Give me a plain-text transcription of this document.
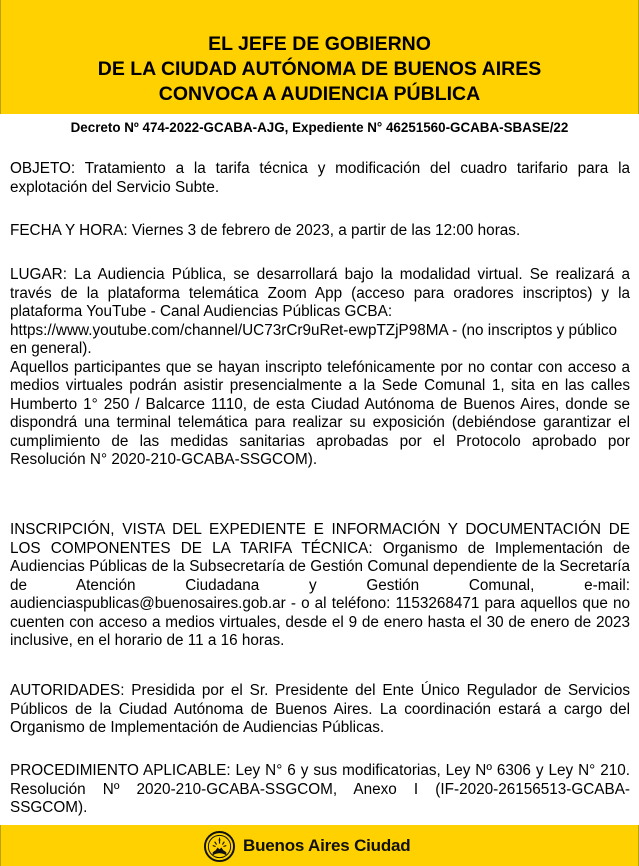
EL JEFE DE GOBIERNO
DE LA CIUDAD AUTÓNOMA DE BUENOS AIRES
CONVOCA A AUDIENCIA PÚBLICA
Decreto Nº 474-2022-GCABA-AJG, Expediente N° 46251560-GCABA-SBASE/22

OBJETO: Tratamiento a la tarifa técnica y modificación del cuadro tarifario para la explotación del Servicio Subte.

FECHA Y HORA: Viernes 3 de febrero de 2023, a partir de las 12:00 horas.

LUGAR: La Audiencia Pública, se desarrollará bajo la modalidad virtual. Se realizará a través de la plataforma telemática Zoom App (acceso para oradores inscriptos) y la plataforma YouTube - Canal Audiencias Públicas GCBA:

https://www.youtube.com/channel/UC73rCr9uRet-ewpTZjP98MA - (no inscriptos y público en general).

Aquellos participantes que se hayan inscripto telefónicamente por no contar con acceso a medios virtuales podrán asistir presencialmente a la Sede Comunal 1, sita en las calles Humberto 1° 250 / Balcarce 1110, de esta Ciudad Autónoma de Buenos Aires, donde se dispondrá una terminal telemática para realizar su exposición (debiéndose garantizar el cumplimiento de las medidas sanitarias aprobadas por el Protocolo aprobado por Resolución N° 2020-210-GCABA-SSGCOM).

INSCRIPCIÓN, VISTA DEL EXPEDIENTE E INFORMACIÓN Y DOCUMENTACIÓN DE LOS COMPONENTES DE LA TARIFA TÉCNICA: Organismo de Implementación de Audiencias Públicas de la Subsecretaría de Gestión Comunal dependiente de la Secretaría de Atención Ciudadana y Gestión Comunal, e-mail: audienciaspublicas@buenosaires.gob.ar - o al teléfono: 1153268471 para aquellos que no cuenten con acceso a medios virtuales, desde el 9 de enero hasta el 30 de enero de 2023 inclusive, en el horario de 11 a 16 horas.

AUTORIDADES: Presidida por el Sr. Presidente del Ente Único Regulador de Servicios Públicos de la Ciudad Autónoma de Buenos Aires. La coordinación estará a cargo del Organismo de Implementación de Audiencias Públicas.

PROCEDIMIENTO APLICABLE: Ley N° 6 y sus modificatorias, Ley Nº 6306 y Ley N° 210. Resolución Nº 2020-210-GCABA-SSGCOM, Anexo I (IF-2020-26156513-GCABA-SSGCOM).

Buenos Aires Ciudad
